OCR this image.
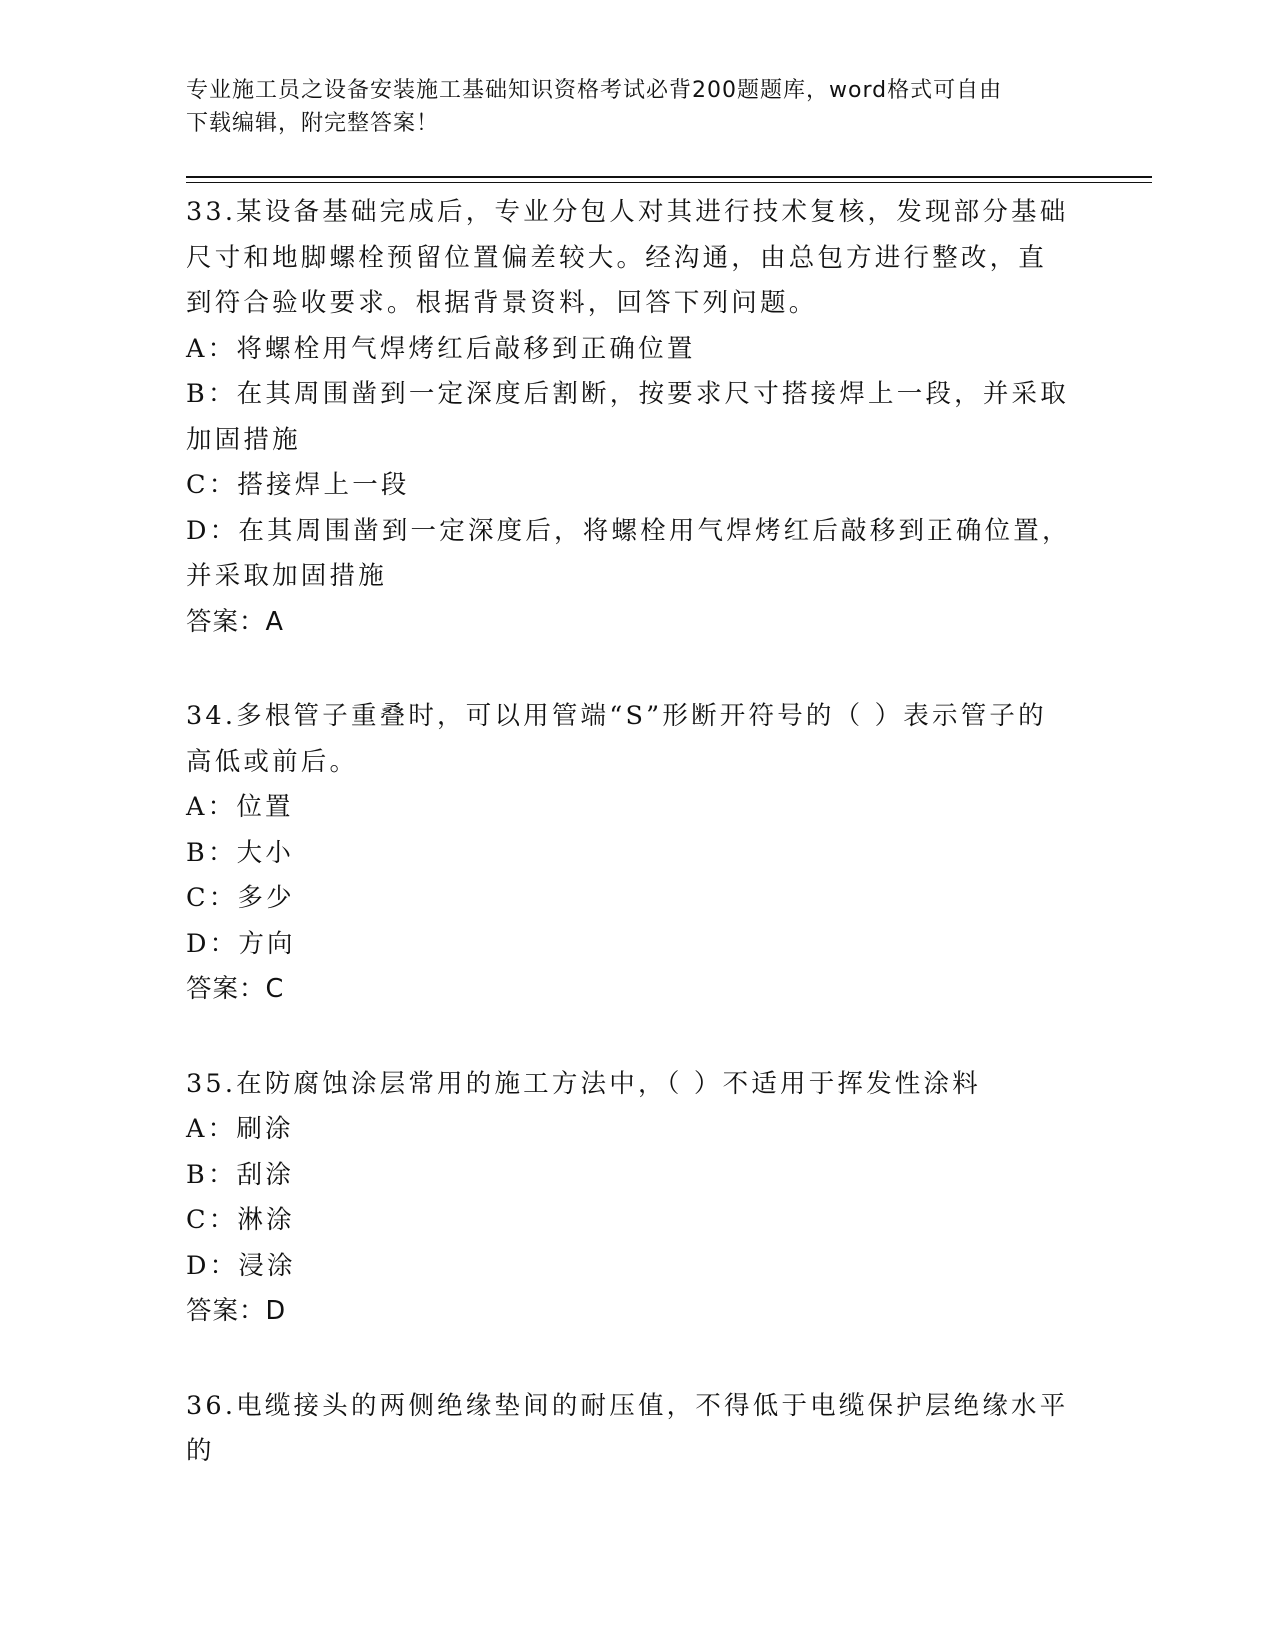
专业施工员之设备安装施工基础知识资格考试必背200题题库，word格式可自由
下载编辑，附完整答案！

33.某设备基础完成后，专业分包人对其进行技术复核，发现部分基础

尺寸和地脚螺栓预留位置偏差较大。经沟通，由总包方进行整改，直

到符合验收要求。根据背景资料，回答下列问题。

A：将螺栓用气焊烤红后敲移到正确位置

B：在其周围凿到一定深度后割断，按要求尺寸搭接焊上一段，并采取

加固措施

C：搭接焊上一段

D：在其周围凿到一定深度后，将螺栓用气焊烤红后敲移到正确位置，

并采取加固措施

答案：A

34.多根管子重叠时，可以用管端“S”形断开符号的（ ）表示管子的

高低或前后。

A：位置

B：大小

C：多少

D：方向

答案：C

35.在防腐蚀涂层常用的施工方法中，（ ）不适用于挥发性涂料

A：刷涂

B：刮涂

C：淋涂

D：浸涂

答案：D

36.电缆接头的两侧绝缘垫间的耐压值，不得低于电缆保护层绝缘水平

的
